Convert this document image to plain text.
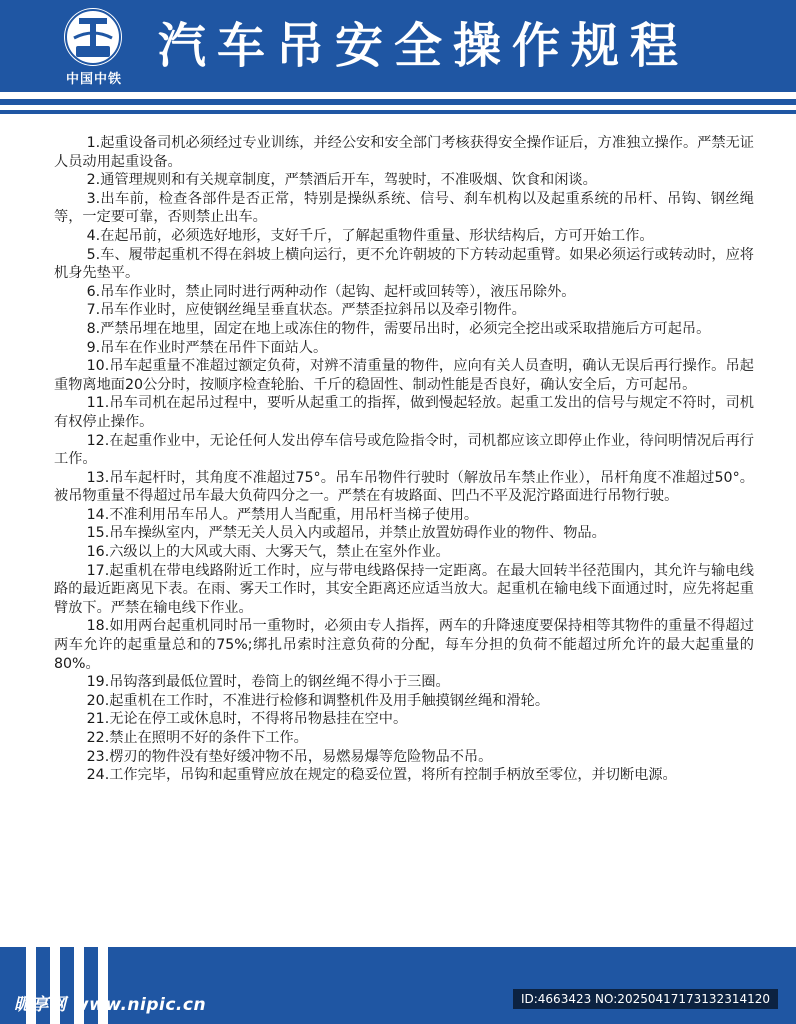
中国中铁
汽车吊安全操作规程

1.起重设备司机必须经过专业训练，并经公安和安全部门考核获得安全操作证后，方准独立操作。严禁无证人员动用起重设备。

2.通管理规则和有关规章制度，严禁酒后开车，驾驶时，不准吸烟、饮食和闲谈。

3.出车前，检查各部件是否正常，特别是操纵系统、信号、刹车机构以及起重系统的吊杆、吊钩、钢丝绳等，一定要可靠，否则禁止出车。

4.在起吊前，必须选好地形，支好千斤，了解起重物件重量、形状结构后，方可开始工作。

5.车、履带起重机不得在斜坡上横向运行，更不允许朝坡的下方转动起重臂。如果必须运行或转动时，应将机身先垫平。

6.吊车作业时，禁止同时进行两种动作（起钩、起杆或回转等），液压吊除外。

7.吊车作业时，应使钢丝绳呈垂直状态。严禁歪拉斜吊以及牵引物件。

8.严禁吊埋在地里，固定在地上或冻住的物件，需要吊出时，必须完全挖出或采取措施后方可起吊。

9.吊车在作业时严禁在吊件下面站人。

10.吊车起重量不准超过额定负荷，对辨不清重量的物件，应向有关人员查明，确认无误后再行操作。吊起重物离地面20公分时，按顺序检查轮胎、千斤的稳固性、制动性能是否良好，确认安全后，方可起吊。

11.吊车司机在起吊过程中，要听从起重工的指挥，做到慢起轻放。起重工发出的信号与规定不符时，司机有权停止操作。

12.在起重作业中，无论任何人发出停车信号或危险指令时，司机都应该立即停止作业，待问明情况后再行工作。

13.吊车起杆时，其角度不准超过75°。吊车吊物件行驶时（解放吊车禁止作业），吊杆角度不准超过50°。被吊物重量不得超过吊车最大负荷四分之一。严禁在有坡路面、凹凸不平及泥泞路面进行吊物行驶。

14.不准利用吊车吊人。严禁用人当配重，用吊杆当梯子使用。

15.吊车操纵室内，严禁无关人员入内或超吊，并禁止放置妨碍作业的物件、物品。

16.六级以上的大风或大雨、大雾天气，禁止在室外作业。

17.起重机在带电线路附近工作时，应与带电线路保持一定距离。在最大回转半径范围内，其允许与输电线路的最近距离见下表。在雨、雾天工作时，其安全距离还应适当放大。起重机在输电线下面通过时，应先将起重臂放下。严禁在输电线下作业。

18.如用两台起重机同时吊一重物时，必须由专人指挥，两车的升降速度要保持相等其物件的重量不得超过两车允许的起重量总和的75%;绑扎吊索时注意负荷的分配，每车分担的负荷不能超过所允许的最大起重量的80%。

19.吊钩落到最低位置时，卷筒上的钢丝绳不得小于三圈。

20.起重机在工作时，不准进行检修和调整机件及用手触摸钢丝绳和滑轮。

21.无论在停工或休息时，不得将吊物悬挂在空中。

22.禁止在照明不好的条件下工作。

23.楞刃的物件没有垫好缓冲物不吊，易燃易爆等危险物品不吊。

24.工作完毕，吊钩和起重臂应放在规定的稳妥位置，将所有控制手柄放至零位，并切断电源。

昵享网 www.nipic.cn	ID:4663423 NO:20250417173132314120
